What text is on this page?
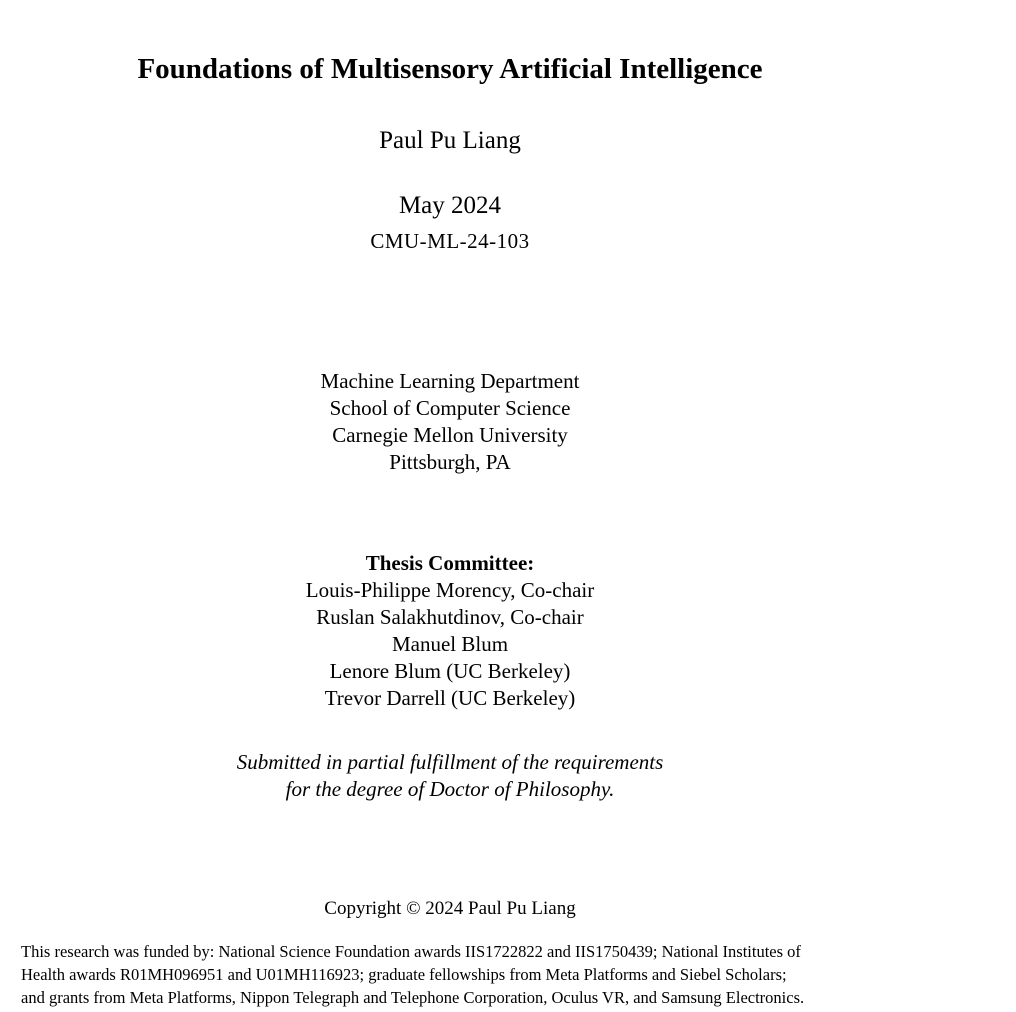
Foundations of Multisensory Artificial Intelligence
Paul Pu Liang
May 2024
CMU-ML-24-103
Machine Learning Department
School of Computer Science
Carnegie Mellon University
Pittsburgh, PA
Thesis Committee:
Louis-Philippe Morency, Co-chair
Ruslan Salakhutdinov, Co-chair
Manuel Blum
Lenore Blum (UC Berkeley)
Trevor Darrell (UC Berkeley)
Submitted in partial fulfillment of the requirements
for the degree of Doctor of Philosophy.
Copyright © 2024 Paul Pu Liang
This research was funded by: National Science Foundation awards IIS1722822 and IIS1750439; National Institutes of
Health awards R01MH096951 and U01MH116923; graduate fellowships from Meta Platforms and Siebel Scholars;
and grants from Meta Platforms, Nippon Telegraph and Telephone Corporation, Oculus VR, and Samsung Electronics.
